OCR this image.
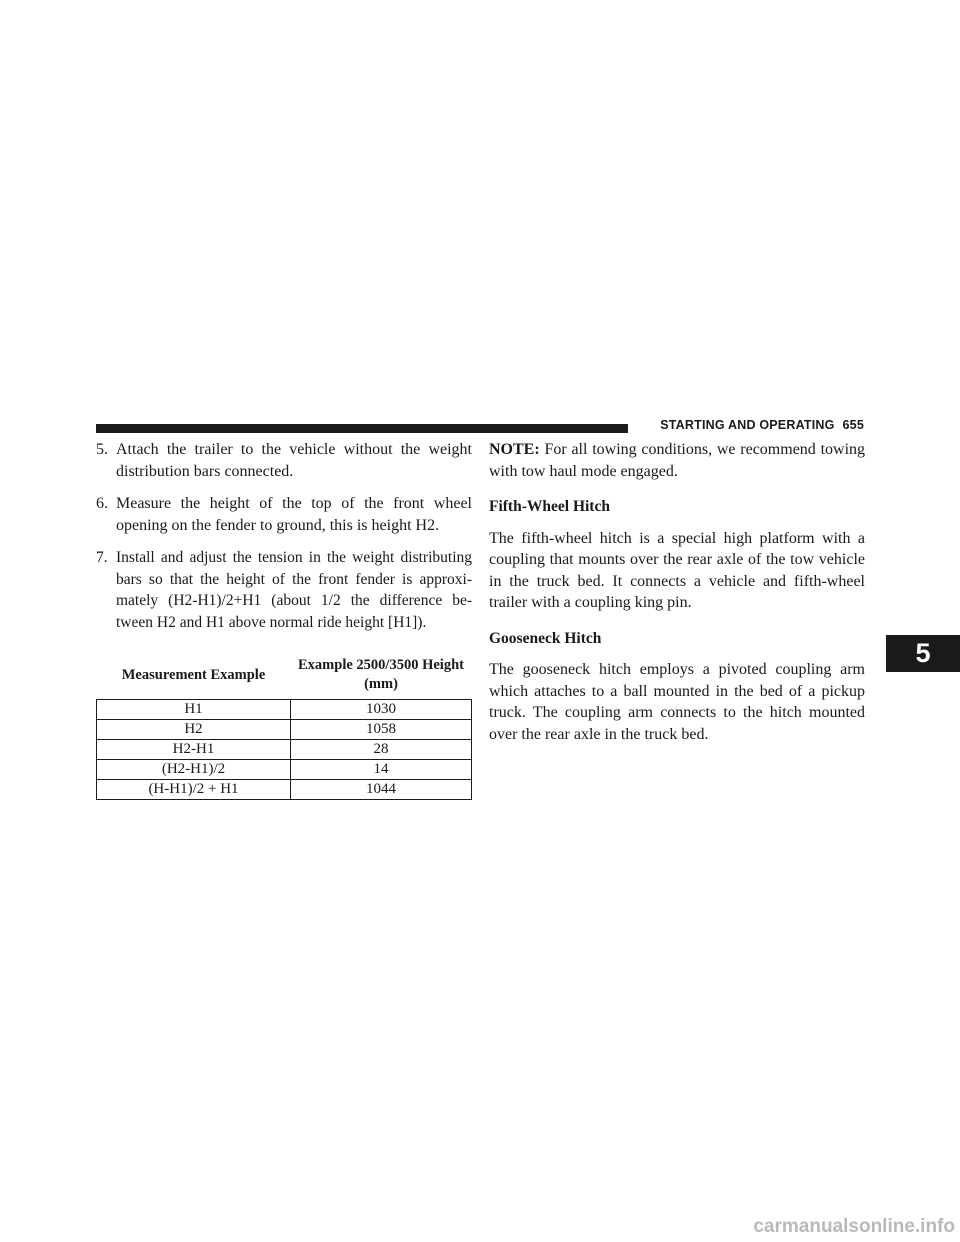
STARTING AND OPERATING 655
5. Attach the trailer to the vehicle without the weight distribution bars connected.
6. Measure the height of the top of the front wheel opening on the fender to ground, this is height H2.
7. Install and adjust the tension in the weight distributing bars so that the height of the front fender is approxi-mately (H2-H1)/2+H1 (about 1/2 the difference be-tween H2 and H1 above normal ride height [H1]).
Measurement Example	Example 2500/3500 Height (mm)
H1	1030
H2	1058
H2-H1	28
(H2-H1)/2	14
(H-H1)/2 + H1	1044

NOTE: For all towing conditions, we recommend towing with tow haul mode engaged.

Fifth-Wheel Hitch

The fifth-wheel hitch is a special high platform with a coupling that mounts over the rear axle of the tow vehicle in the truck bed. It connects a vehicle and fifth-wheel trailer with a coupling king pin.

Gooseneck Hitch

The gooseneck hitch employs a pivoted coupling arm which attaches to a ball mounted in the bed of a pickup truck. The coupling arm connects to the hitch mounted over the rear axle in the truck bed.

5
carmanualsonline.info
